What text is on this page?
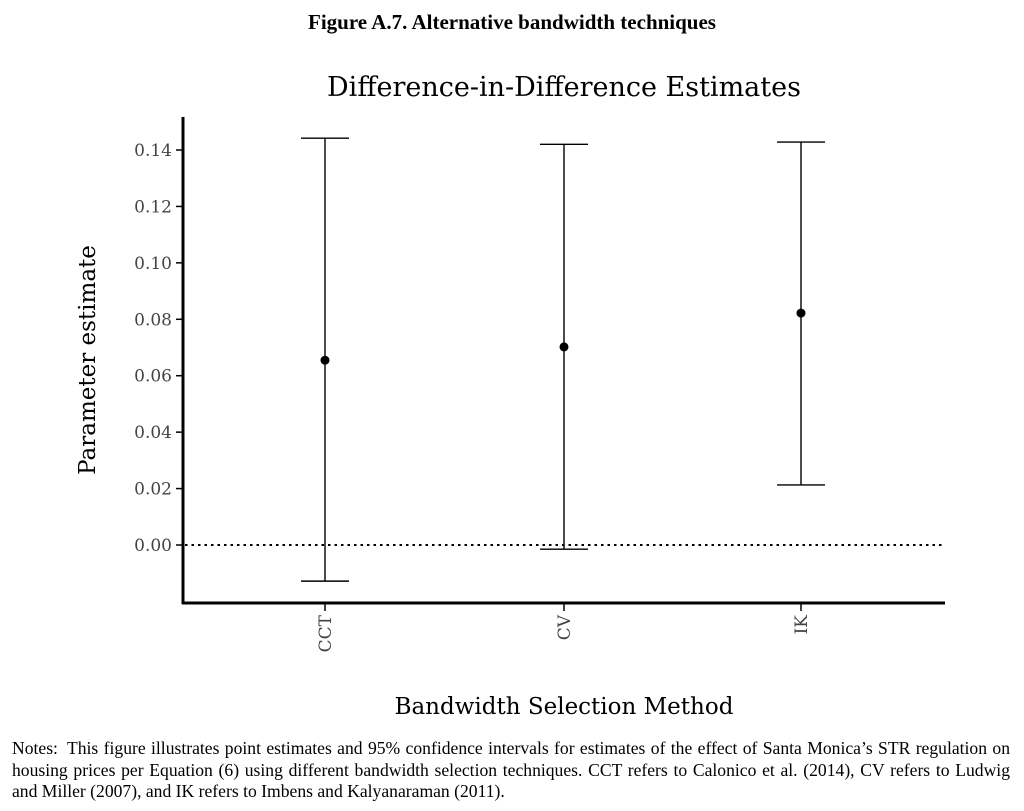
Figure A.7. Alternative bandwidth techniques
Difference-in-Difference Estimates
0.00
0.02
0.04
0.06
0.08
0.10
0.12
0.14
CCT	CV	IK
Parameter estimate
Bandwidth Selection Method
Notes: This figure illustrates point estimates and 95% confidence intervals for estimates of the effect of Santa Monica’s STR regulation on housing prices per Equation (6) using different bandwidth selection techniques. CCT refers to Calonico et al. (2014), CV refers to Ludwig and Miller (2007), and IK refers to Imbens and Kalyanaraman (2011).
